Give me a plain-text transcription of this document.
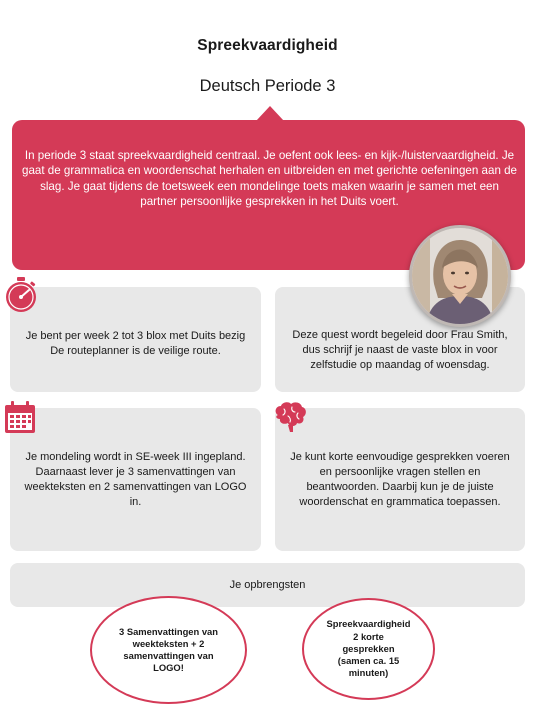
Spreekvaardigheid
Deutsch Periode 3
In periode 3 staat spreekvaardigheid centraal. Je oefent ook lees- en kijk-/luistervaardigheid. Je gaat de grammatica en woordenschat herhalen en uitbreiden en met gerichte oefeningen aan de slag. Je gaat tijdens de toetsweek een mondelinge toets maken waarin je samen met een partner persoonlijke gesprekken in het Duits voert.
Je bent per week 2 tot 3 blox met Duits bezig
De routeplanner is de veilige route.
Deze quest wordt begeleid door Frau Smith, dus schrijf je naast de vaste blox in voor zelfstudie op maandag of woensdag.
Je mondeling wordt in SE-week III ingepland. Daarnaast lever je 3 samenvattingen van weekteksten en 2 samenvattingen van LOGO in.
Je kunt korte eenvoudige gesprekken voeren en persoonlijke vragen stellen en beantwoorden. Daarbij kun je de juiste woordenschat en grammatica toepassen.
Je opbrengsten
3 Samenvattingen van weekteksten + 2 samenvattingen van LOGO!
Spreekvaardigheid 2 korte gesprekken (samen ca. 15 minuten)
